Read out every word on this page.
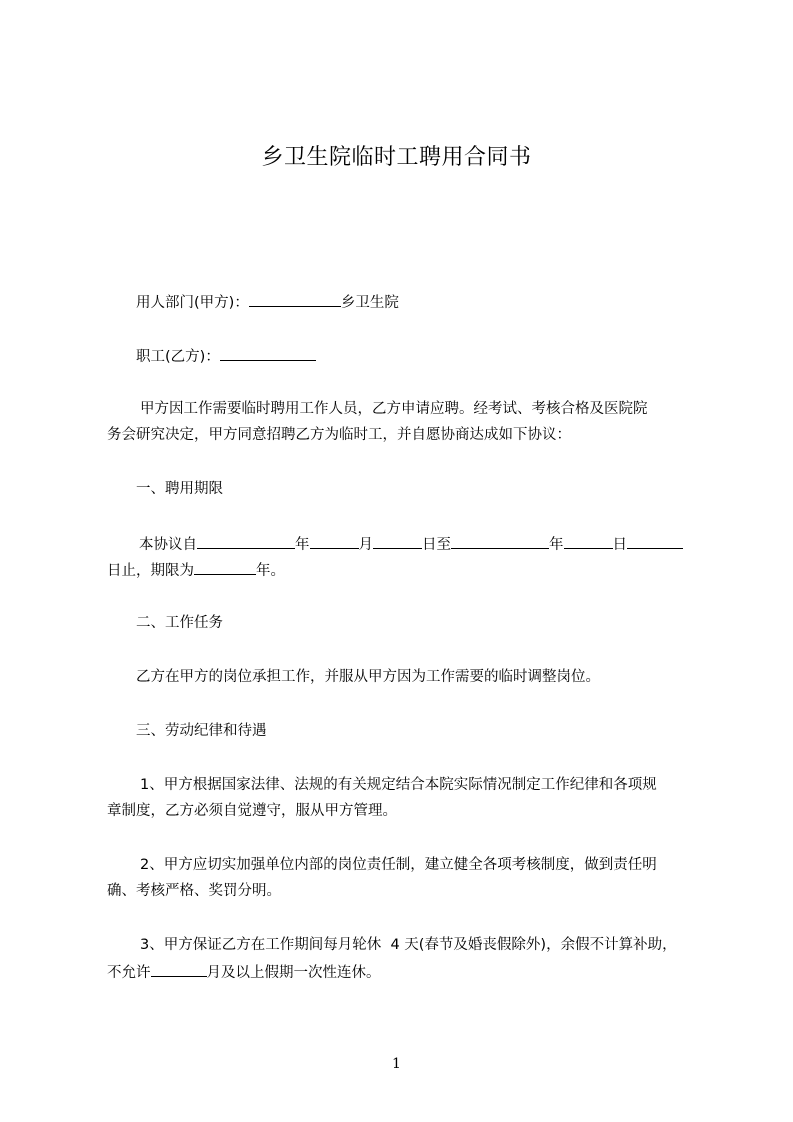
乡卫生院临时工聘用合同书
用人部门(甲方)：	乡卫生院
职工(乙方)：
甲方因工作需要临时聘用工作人员，乙方申请应聘。经考试、考核合格及医院院
务会研究决定，甲方同意招聘乙方为临时工，并自愿协商达成如下协议：
一、聘用期限
本协议自	年	月	日至	年	日
日止，期限为	年。
二、工作任务
乙方在甲方的岗位承担工作，并服从甲方因为工作需要的临时调整岗位。
三、劳动纪律和待遇
1、甲方根据国家法律、法规的有关规定结合本院实际情况制定工作纪律和各项规
章制度，乙方必须自觉遵守，服从甲方管理。
2、甲方应切实加强单位内部的岗位责任制，建立健全各项考核制度，做到责任明
确、考核严格、奖罚分明。
3、甲方保证乙方在工作期间每月轮休  4 天(春节及婚丧假除外)，余假不计算补助，
不允许	月及以上假期一次性连休。
1
